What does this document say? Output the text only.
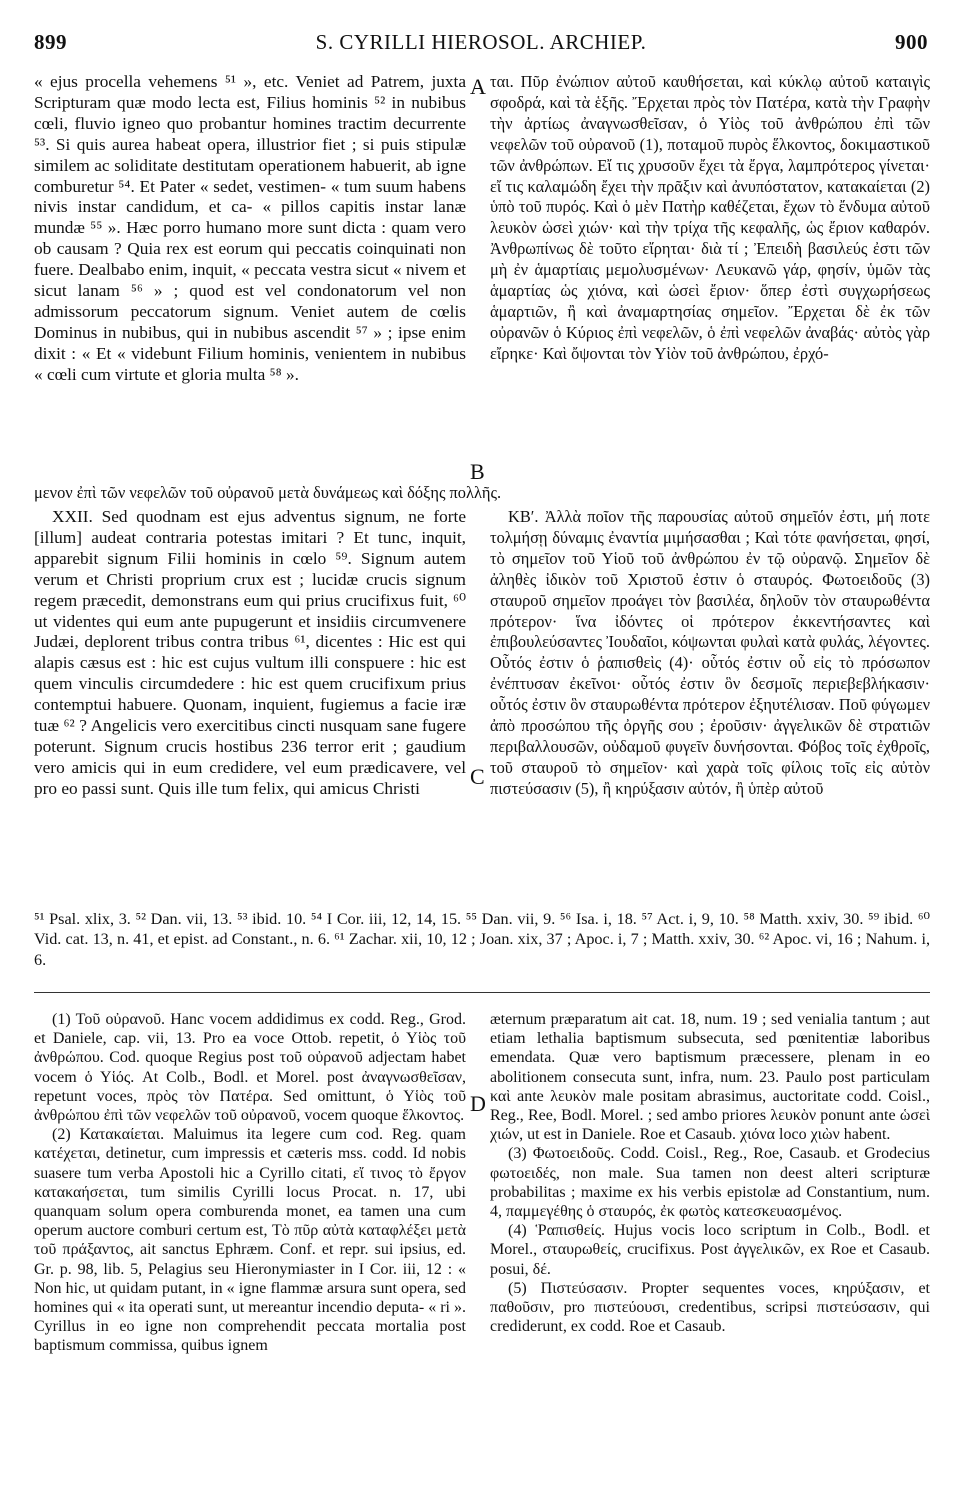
899	S. CYRILLI HIEROSOL. ARCHIEP.	900
A
B
C
D

« ejus procella vehemens ⁵¹ », etc. Veniet ad Patrem, juxta Scripturam quæ modo lecta est, Filius hominis ⁵² in nubibus cœli, fluvio igneo quo probantur homines tractim decurrente ⁵³. Si quis aurea habeat opera, illustrior fiet ; si puis stipulæ similem ac soliditate destitutam operationem habuerit, ab igne comburetur ⁵⁴. Et Pater « sedet, vestimen- « tum suum habens nivis instar candidum, et ca- « pillos capitis instar lanæ mundæ ⁵⁵ ». Hæc porro humano more sunt dicta : quam vero ob causam ? Quia rex est eorum qui peccatis coinquinati non fuere. Dealbabo enim, inquit, « peccata vestra sicut « nivem et sicut lanam ⁵⁶ » ; quod est vel condonatorum vel non admissorum peccatorum signum. Veniet autem de cœlis Dominus in nubibus, qui in nubibus ascendit ⁵⁷ » ; ipse enim dixit : « Et « videbunt Filium hominis, venientem in nubibus « cœli cum virtute et gloria multa ⁵⁸ ».

ται. Πῦρ ἐνώπιον αὐτοῦ καυθήσεται, καὶ κύκλῳ αὐτοῦ καταιγὶς σφοδρά, καὶ τὰ ἑξῆς. Ἔρχεται πρὸς τὸν Πατέρα, κατὰ τὴν Γραφὴν τὴν ἀρτίως ἀναγνωσθεῖσαν, ὁ Υἱὸς τοῦ ἀνθρώπου ἐπὶ τῶν νεφελῶν τοῦ οὐρανοῦ (1), ποταμοῦ πυρὸς ἕλκοντος, δοκιμαστικοῦ τῶν ἀνθρώπων. Εἴ τις χρυσοῦν ἔχει τὰ ἔργα, λαμπρότερος γίνεται· εἴ τις καλαμώδη ἔχει τὴν πρᾶξιν καὶ ἀνυπόστατον, κατακαίεται (2) ὑπὸ τοῦ πυρός. Καὶ ὁ μὲν Πατὴρ καθέζεται, ἔχων τὸ ἔνδυμα αὐτοῦ λευκὸν ὡσεὶ χιών· καὶ τὴν τρίχα τῆς κεφαλῆς, ὡς ἔριον καθαρόν. Ἀνθρωπίνως δὲ τοῦτο εἴρηται· διὰ τί ; Ἐπειδὴ βασιλεύς ἐστι τῶν μὴ ἐν ἁμαρτίαις μεμολυσμένων· Λευκανῶ γάρ, φησίν, ὑμῶν τὰς ἁμαρτίας ὡς χιόνα, καὶ ὡσεὶ ἔριον· ὅπερ ἐστὶ συγχωρήσεως ἁμαρτιῶν, ἢ καὶ ἀναμαρτησίας σημεῖον. Ἔρχεται δὲ ἐκ τῶν οὐρανῶν ὁ Κύριος ἐπὶ νεφελῶν, ὁ ἐπὶ νεφελῶν ἀναβάς· αὐτὸς γὰρ εἴρηκε· Καὶ ὄψονται τὸν Υἱὸν τοῦ ἀνθρώπου, ἐρχό-

μενον ἐπὶ τῶν νεφελῶν τοῦ οὐρανοῦ μετὰ δυνάμεως καὶ δόξης πολλῆς.

XXII. Sed quodnam est ejus adventus signum, ne forte [illum] audeat contraria potestas imitari ? Et tunc, inquit, apparebit signum Filii hominis in cœlo ⁵⁹. Signum autem verum et Christi proprium crux est ; lucidæ crucis signum regem præcedit, demonstrans eum qui prius crucifixus fuit, ⁶⁰ ut videntes qui eum ante pupugerunt et insidiis circumvenere Judæi, deplorent tribus contra tribus ⁶¹, dicentes : Hic est qui alapis cæsus est : hic est cujus vultum illi conspuere : hic est quem vinculis circumdedere : hic est quem crucifixum prius contemptui habuere. Quonam, inquient, fugiemus a facie iræ tuæ ⁶² ? Angelicis vero exercitibus cincti nusquam sane fugere poterunt. Signum crucis hostibus 236 terror erit ; gaudium vero amicis qui in eum credidere, vel eum prædicavere, vel pro eo passi sunt. Quis ille tum felix, qui amicus Christi

ΚΒʹ. Ἀλλὰ ποῖον τῆς παρουσίας αὐτοῦ σημεῖόν ἐστι, μή ποτε τολμήσῃ δύναμις ἐναντία μιμήσασθαι ; Καὶ τότε φανήσεται, φησί, τὸ σημεῖον τοῦ Υἱοῦ τοῦ ἀνθρώπου ἐν τῷ οὐρανῷ. Σημεῖον δὲ ἀληθὲς ἰδικὸν τοῦ Χριστοῦ ἐστιν ὁ σταυρός. Φωτοειδοῦς (3) σταυροῦ σημεῖον προάγει τὸν βασιλέα, δηλοῦν τὸν σταυρωθέντα πρότερον· ἵνα ἰδόντες οἱ πρότερον ἐκκεντήσαντες καὶ ἐπιβουλεύσαντες Ἰουδαῖοι, κόψωνται φυλαὶ κατὰ φυλάς, λέγοντες. Οὗτός ἐστιν ὁ ῥαπισθεὶς (4)· οὗτός ἐστιν οὗ εἰς τὸ πρόσωπον ἐνέπτυσαν ἐκεῖνοι· οὗτός ἐστιν ὃν δεσμοῖς περιεβεβλήκασιν· οὗτός ἐστιν ὃν σταυρωθέντα πρότερον ἐξηυτέλισαν. Ποῦ φύγωμεν ἀπὸ προσώπου τῆς ὀργῆς σου ; ἐροῦσιν· ἀγγελικῶν δὲ στρατιῶν περιβαλλουσῶν, οὐδαμοῦ φυγεῖν δυνήσονται. Φόβος τοῖς ἐχθροῖς, τοῦ σταυροῦ τὸ σημεῖον· καὶ χαρὰ τοῖς φίλοις τοῖς εἰς αὐτὸν πιστεύσασιν (5), ἢ κηρύξασιν αὐτόν, ἢ ὑπὲρ αὐτοῦ

⁵¹ Psal. xlix, 3. ⁵² Dan. vii, 13. ⁵³ ibid. 10. ⁵⁴ I Cor. iii, 12, 14, 15. ⁵⁵ Dan. vii, 9. ⁵⁶ Isa. i, 18. ⁵⁷ Act. i, 9, 10. ⁵⁸ Matth. xxiv, 30. ⁵⁹ ibid. ⁶⁰ Vid. cat. 13, n. 41, et epist. ad Constant., n. 6. ⁶¹ Zachar. xii, 10, 12 ; Joan. xix, 37 ; Apoc. i, 7 ; Matth. xxiv, 30. ⁶² Apoc. vi, 16 ; Nahum. i, 6.

(1) Τοῦ οὐρανοῦ. Hanc vocem addidimus ex codd. Reg., Grod. et Daniele, cap. vii, 13. Pro ea voce Ottob. repetit, ὁ Υἱὸς τοῦ ἀνθρώπου. Cod. quoque Regius post τοῦ οὐρανοῦ adjectam habet vocem ὁ Υἱός. At Colb., Bodl. et Morel. post ἀναγνωσθεῖσαν, repetunt voces, πρὸς τὸν Πατέρα. Sed omittunt, ὁ Υἱὸς τοῦ ἀνθρώπου ἐπὶ τῶν νεφελῶν τοῦ οὐρανοῦ, vocem quoque ἕλκοντος.

(2) Κατακαίεται. Maluimus ita legere cum cod. Reg. quam κατέχεται, detinetur, cum impressis et cæteris mss. codd. Id nobis suasere tum verba Apostoli hic a Cyrillo citati, εἴ τινος τὸ ἔργον κατακαήσεται, tum similis Cyrilli locus Procat. n. 17, ubi quanquam solum opera comburenda monet, ea tamen una cum operum auctore comburi certum est, Τὸ πῦρ αὐτὰ καταφλέξει μετὰ τοῦ πράξαντος, ait sanctus Ephræm. Conf. et repr. sui ipsius, ed. Gr. p. 98, lib. 5, Pelagius seu Hieronymiaster in I Cor. iii, 12 : « Non hic, ut quidam putant, in « igne flammæ arsura sunt opera, sed homines qui « ita operati sunt, ut mereantur incendio deputa- « ri ». Cyrillus in eo igne non comprehendit peccata mortalia post baptismum commissa, quibus ignem

æternum præparatum ait cat. 18, num. 19 ; sed venialia tantum ; aut etiam lethalia baptismum subsecuta, sed pœnitentiæ laboribus emendata. Quæ vero baptismum præcessere, plenam in eo abolitionem consecuta sunt, infra, num. 23. Paulo post particulam καὶ ante λευκὸν male positam abrasimus, auctoritate codd. Coisl., Reg., Ree, Bodl. Morel. ; sed ambo priores λευκὸν ponunt ante ὡσεὶ χιών, ut est in Daniele. Roe et Casaub. χιόνα loco χιὼν habent.

(3) Φωτοειδοῦς. Codd. Coisl., Reg., Roe, Casaub. et Grodecius φωτοειδές, non male. Sua tamen non deest alteri scripturæ probabilitas ; maxime ex his verbis epistolæ ad Constantium, num. 4, παμμεγέθης ὁ σταυρός, ἐκ φωτὸς κατεσκευασμένος.

(4) Ῥαπισθείς. Hujus vocis loco scriptum in Colb., Bodl. et Morel., σταυρωθείς, crucifixus. Post ἀγγελικῶν, ex Roe et Casaub. posui, δέ.

(5) Πιστεύσασιν. Propter sequentes voces, κηρύξασιν, et παθοῦσιν, pro πιστεύουσι, credentibus, scripsi πιστεύσασιν, qui crediderunt, ex codd. Roe et Casaub.
